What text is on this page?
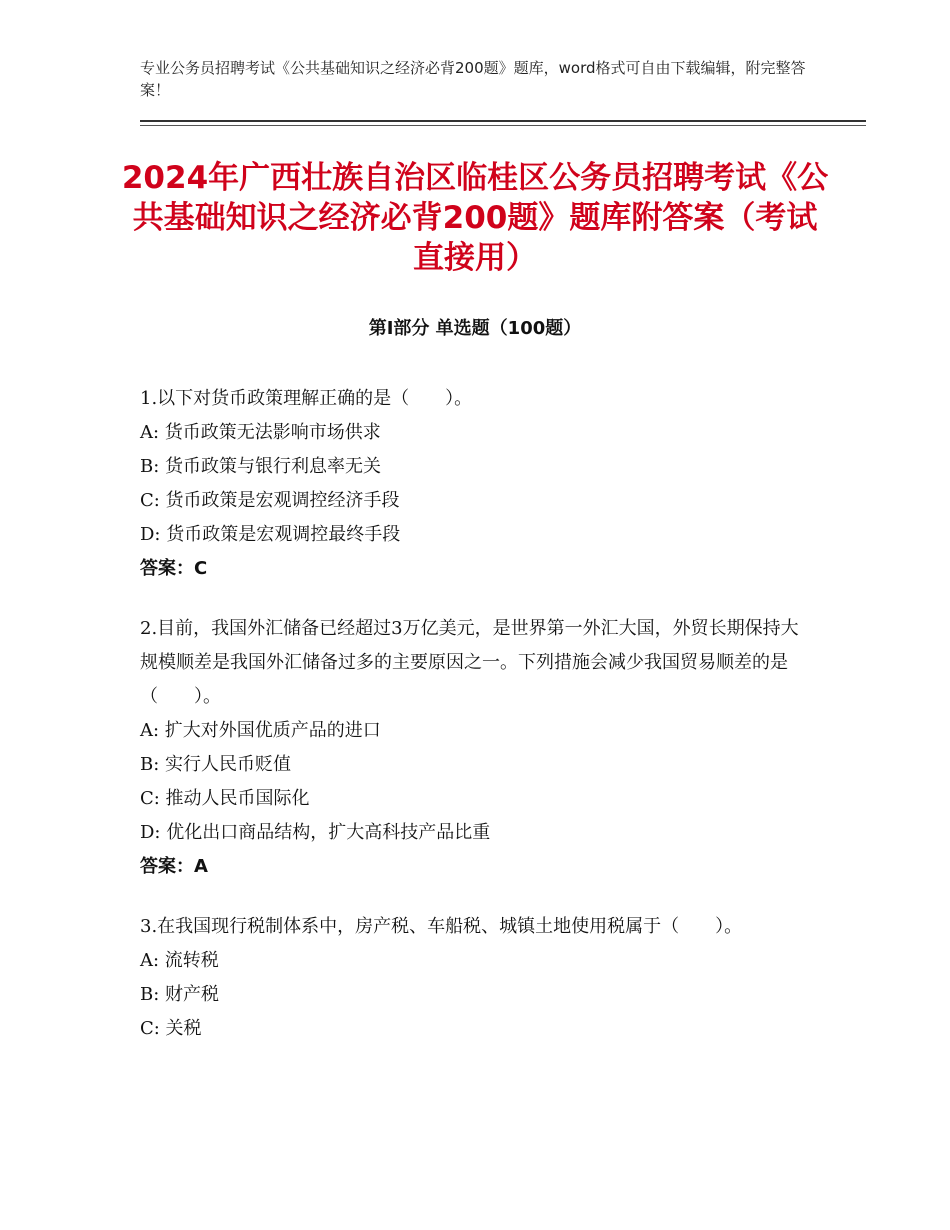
专业公务员招聘考试《公共基础知识之经济必背200题》题库，word格式可自由下载编辑，附完整答案！
2024年广西壮族自治区临桂区公务员招聘考试《公共基础知识之经济必背200题》题库附答案（考试直接用）
第Ⅰ部分 单选题（100题）
1.以下对货币政策理解正确的是（　　）。
A: 货币政策无法影响市场供求
B: 货币政策与银行利息率无关
C: 货币政策是宏观调控经济手段
D: 货币政策是宏观调控最终手段
答案：C
2.目前，我国外汇储备已经超过3万亿美元，是世界第一外汇大国，外贸长期保持大规模顺差是我国外汇储备过多的主要原因之一。下列措施会减少我国贸易顺差的是（　　）。
A: 扩大对外国优质产品的进口
B: 实行人民币贬值
C: 推动人民币国际化
D: 优化出口商品结构，扩大高科技产品比重
答案：A
3.在我国现行税制体系中，房产税、车船税、城镇土地使用税属于（　　）。
A: 流转税
B: 财产税
C: 关税
